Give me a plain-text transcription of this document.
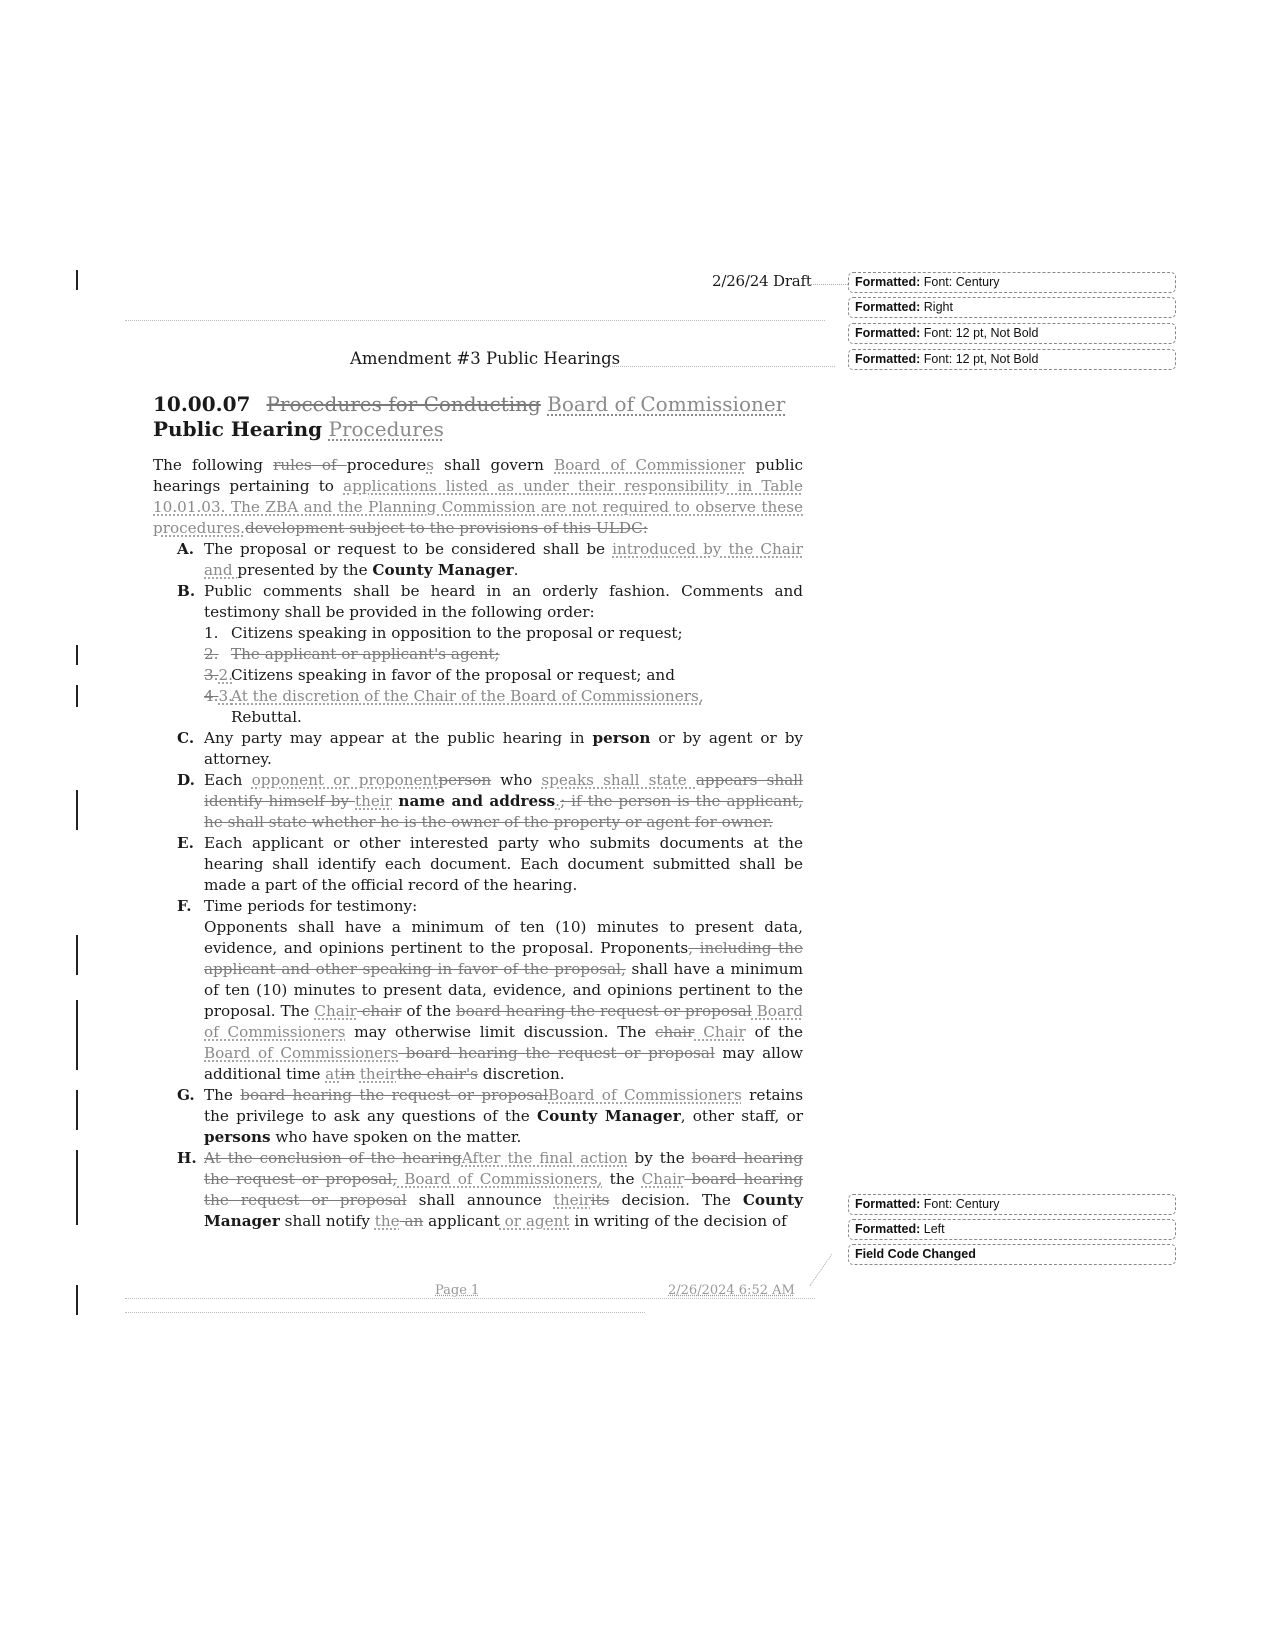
2/26/24 Draft
Amendment #3 Public Hearings
10.00.07 Procedures for Conducting Board of Commissioner Public Hearing Procedures

The following rules of procedures shall govern Board of Commissioner public hearings pertaining to applications listed as under their responsibility in Table 10.01.03. The ZBA and the Planning Commission are not required to observe these procedures.development subject to the provisions of this ULDC:

A. The proposal or request to be considered shall be introduced by the Chair and presented by the County Manager.

B. Public comments shall be heard in an orderly fashion. Comments and testimony shall be provided in the following order:

1. Citizens speaking in opposition to the proposal or request;

2. The applicant or applicant's agent;

3.2.
Citizens speaking in favor of the proposal or request; and

4.3.
At the discretion of the Chair of the Board of Commissioners,

Rebuttal.

C. Any party may appear at the public hearing in person or by agent or by attorney.

D. Each opponent or proponentperson who speaks shall state appears shall identify himself by their name and address.; if the person is the applicant, he shall state whether he is the owner of the property or agent for owner.

E. Each applicant or other interested party who submits documents at the hearing shall identify each document. Each document submitted shall be made a part of the official record of the hearing.

F. Time periods for testimony:

Opponents shall have a minimum of ten (10) minutes to present data, evidence, and opinions pertinent to the proposal. Proponents, including the applicant and other speaking in favor of the proposal, shall have a minimum of ten (10) minutes to present data, evidence, and opinions pertinent to the proposal. The Chair chair of the board hearing the request or proposal Board of Commissioners may otherwise limit discussion. The chair Chair of the Board of Commissioners board hearing the request or proposal may allow additional time atin theirthe chair's discretion.

G. The board hearing the request or proposalBoard of Commissioners retains the privilege to ask any questions of the County Manager, other staff, or persons who have spoken on the matter.

H. At the conclusion of the hearingAfter the final action by the board hearing the request or proposal, Board of Commissioners, the Chair board hearing the request or proposal shall announce theirits decision. The County Manager shall notify the an applicant or agent in writing of the decision of

Page 1	2/26/2024 6:52 AM
Formatted: Font: Century
Formatted: Right
Formatted: Font: 12 pt, Not Bold
Formatted: Font: 12 pt, Not Bold
Formatted: Font: Century
Formatted: Left
Field Code Changed
